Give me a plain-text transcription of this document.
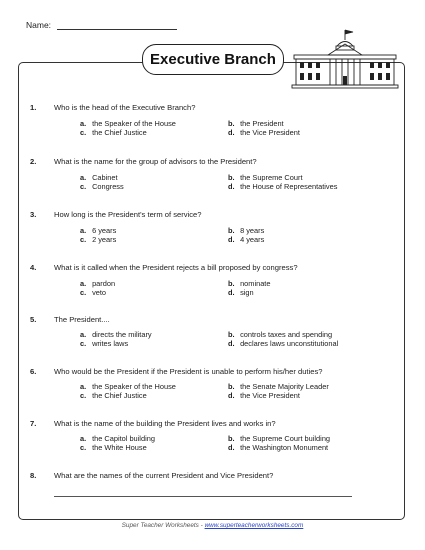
Name:
Executive Branch
1. Who is the head of the Executive Branch?
a. the Speaker of the House	b. the President
c. the Chief Justice	d. the Vice President
2. What is the name for the group of advisors to the President?
a. Cabinet	b. the Supreme Court
c. Congress	d. the House of Representatives
3. How long is the President's term of service?
a. 6 years	b. 8 years
c. 2 years	d. 4 years
4. What is it called when the President rejects a bill proposed by congress?
a. pardon	b. nominate
c. veto	d. sign
5. The President....
a. directs the military	b. controls taxes and spending
c. writes laws	d. declares laws unconstitutional
6. Who would be the President if the President is unable to perform his/her duties?
a. the Speaker of the House	b. the Senate Majority Leader
c. the Chief Justice	d. the Vice President
7. What is the name of the building the President lives and works in?
a. the Capitol building	b. the Supreme Court building
c. the White House	d. the Washington Monument
8. What are the names of the current President and Vice President?
Super Teacher Worksheets - www.superteacherworksheets.com
